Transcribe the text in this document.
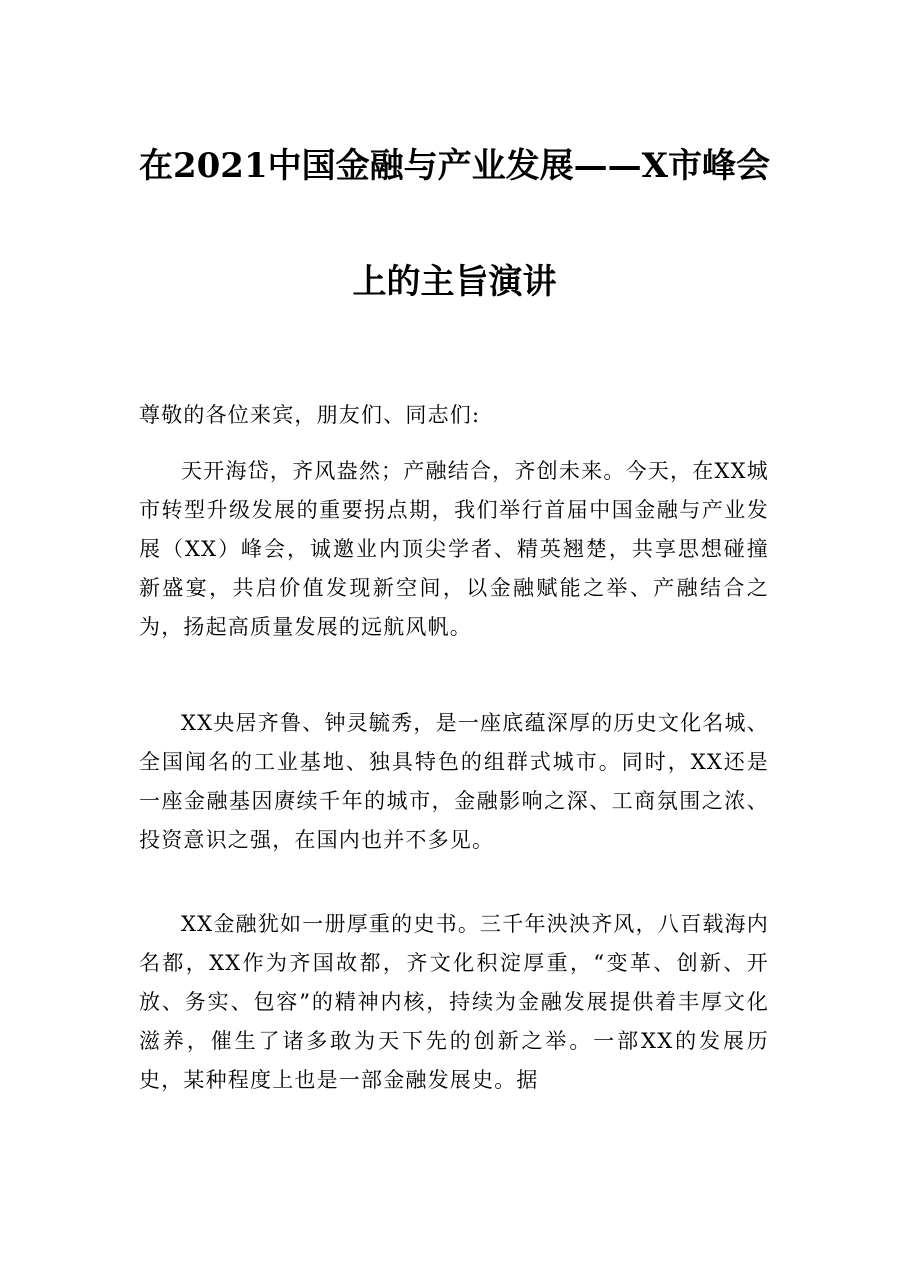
在2021中国金融与产业发展——X市峰会
上的主旨演讲
尊敬的各位来宾，朋友们、同志们:
天开海岱，齐风盎然；产融结合，齐创未来。今天，在XX城市转型升级发展的重要拐点期，我们举行首届中国金融与产业发展（XX）峰会，诚邀业内顶尖学者、精英翘楚，共享思想碰撞新盛宴，共启价值发现新空间，以金融赋能之举、产融结合之为，扬起高质量发展的远航风帆。
XX央居齐鲁、钟灵毓秀，是一座底蕴深厚的历史文化名城、全国闻名的工业基地、独具特色的组群式城市。同时，XX还是一座金融基因赓续千年的城市，金融影响之深、工商氛围之浓、投资意识之强，在国内也并不多见。
XX金融犹如一册厚重的史书。三千年泱泱齐风，八百载海内名都，XX作为齐国故都，齐文化积淀厚重，“变革、创新、开放、务实、包容”的精神内核，持续为金融发展提供着丰厚文化滋养，催生了诸多敢为天下先的创新之举。一部XX的发展历史，某种程度上也是一部金融发展史。据
